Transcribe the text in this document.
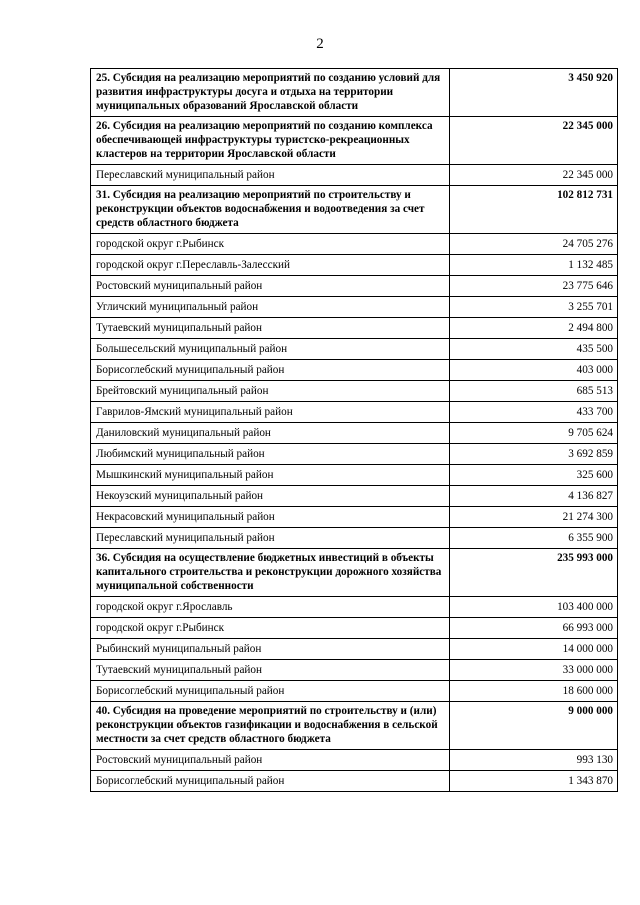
2
25. Субсидия на реализацию мероприятий по созданию условий для развития инфраструктуры досуга и отдыха на территории муниципальных образований Ярославской области	3 450 920
26. Субсидия на реализацию мероприятий по созданию комплекса обеспечивающей инфраструктуры туристско-рекреационных кластеров на территории Ярославской области	22 345 000
Переславский муниципальный район	22 345 000
31. Субсидия на реализацию мероприятий по строительству и реконструкции объектов водоснабжения и водоотведения за счет средств областного бюджета	102 812 731
городской округ г.Рыбинск	24 705 276
городской округ г.Переславль-Залесский	1 132 485
Ростовский муниципальный район	23 775 646
Угличский муниципальный район	3 255 701
Тутаевский муниципальный район	2 494 800
Большесельский муниципальный район	435 500
Борисоглебский муниципальный район	403 000
Брейтовский муниципальный район	685 513
Гаврилов-Ямский муниципальный район	433 700
Даниловский муниципальный район	9 705 624
Любимский муниципальный район	3 692 859
Мышкинский муниципальный район	325 600
Некоузский муниципальный район	4 136 827
Некрасовский муниципальный район	21 274 300
Переславский муниципальный район	6 355 900
36. Субсидия на осуществление бюджетных инвестиций в объекты капитального строительства и реконструкции дорожного хозяйства муниципальной собственности	235 993 000
городской округ г.Ярославль	103 400 000
городской округ г.Рыбинск	66 993 000
Рыбинский муниципальный район	14 000 000
Тутаевский муниципальный район	33 000 000
Борисоглебский муниципальный район	18 600 000
40. Субсидия на проведение мероприятий по строительству и (или) реконструкции объектов газификации и водоснабжения в сельской местности за счет средств областного бюджета	9 000 000
Ростовский муниципальный район	993 130
Борисоглебский муниципальный район	1 343 870
